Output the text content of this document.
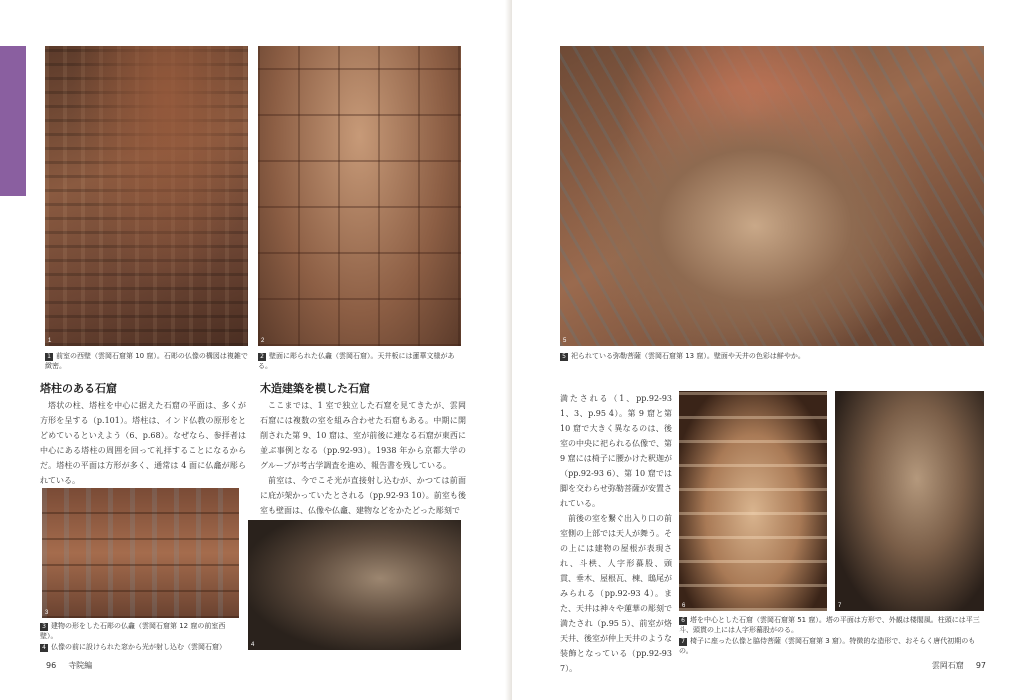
1	2
1 前室の西壁（雲岡石窟第 10 窟）。石彫の仏像の構図は複雑で緻密。
2 壁面に彫られた仏龕（雲岡石窟）。天井板には蓮華文様がある。
塔柱のある石窟

塔状の柱、塔柱を中心に据えた石窟の平面は、多くが方形を呈する（p.101）。塔柱は、インド仏教の原形をとどめているといえよう（6、p.68）。なぜなら、参拝者は中心にある塔柱の周囲を回って礼拝することになるからだ。塔柱の平面は方形が多く、通常は 4 面に仏龕が彫られている。

木造建築を模した石窟

ここまでは、1 室で独立した石窟を見てきたが、雲岡石窟には複数の室を組み合わせた石窟もある。中期に開削された第 9、10 窟は、室が前後に連なる石窟が東西に並ぶ事例となる（pp.92-93）。1938 年から京都大学のグループが考古学調査を進め、報告書を残している。

前室は、今でこそ光が直接射し込むが、かつては前面に庇が架かっていたとされる（pp.92-93 10）。前室も後室も壁面は、仏像や仏龕、建物などをかたどった彫刻で

3
4
3 建物の形をした石彫の仏龕（雲岡石窟第 12 窟の前室西壁）。
4 仏像の前に設けられた窓から光が射し込む（雲岡石窟）
96 寺院編
5
5 祀られている弥勒菩薩（雲岡石窟第 13 窟）。壁面や天井の色彩は鮮やか。

満たされる（1、pp.92-93 1、3、p.95 4）。第 9 窟と第 10 窟で大きく異なるのは、後室の中央に祀られる仏像で、第 9 窟には椅子に腰かけた釈迦が（pp.92-93 6）、第 10 窟では脚を交わらせ弥勒菩薩が安置されている。

前後の室を繋ぐ出入り口の前室側の上部では天人が舞う。その上には建物の屋根が表現され、斗栱、人字形蟇股、頭貫、垂木、屋根瓦、棟、鴟尾がみられる（pp.92-93 4）。また、天井は神々や蓮華の彫刻で満たされ（p.95 5）、前室が烙天井、後室が仲上天井のような装飾となっている（pp.92-93 7）。

6	7
6 塔を中心とした石窟（雲岡石窟第 51 窟）。塔の平面は方形で、外観は楼閣風。柱頭には平三斗、頭貫の上には人字形蟇股がのる。
7 椅子に座った仏像と脇侍菩薩（雲岡石窟第 3 窟）。特徴的な造形で、おそらく唐代初期のもの。
雲岡石窟 97
